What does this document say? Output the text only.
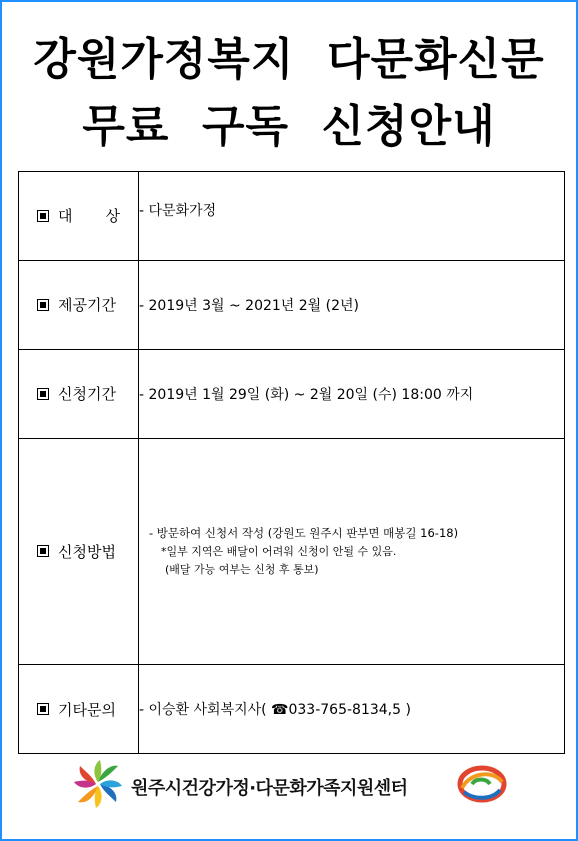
강원가정복지  다문화신문
무료  구독  신청안내
대 상	- 다문화가정

제공기간	- 2019년 3월 ~ 2021년 2월 (2년)

신청기간	- 2019년 1월 29일 (화) ~ 2월 20일 (수) 18:00 까지

신청방법	- 방문하여 신청서 작성 (강원도 원주시 판부면 매봉길 16-18)
*일부 지역은 배달이 어려워 신청이 안될 수 있음.
(배달 가능 여부는 신청 후 통보)

기타문의	- 이승환 사회복지사( ☎033-765-8134,5 )
원주시건강가정·다문화가족지원센터
